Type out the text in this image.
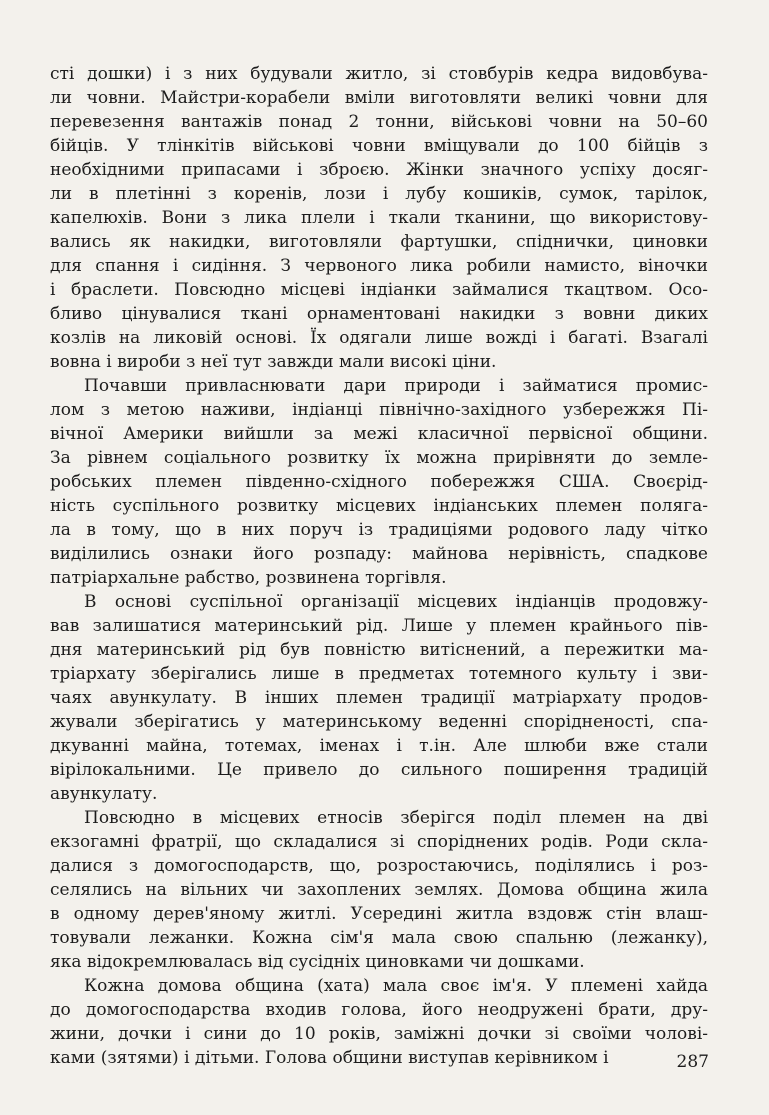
сті дошки) і з них будували житло, зі стовбурів кедра видовбува-
ли човни. Майстри-корабели вміли виготовляти великі човни для
перевезення вантажів понад 2 тонни, військові човни на 50–60
бійців. У тлінкітів військові човни вміщували до 100 бійців з
необхідними припасами і зброєю. Жінки значного успіху досяг-
ли в плетінні з коренів, лози і лубу кошиків, сумок, тарілок,
капелюхів. Вони з лика плели і ткали тканини, що використову-
вались як накидки, виготовляли фартушки, спіднички, циновки
для спання і сидіння. З червоного лика робили намисто, віночки
і браслети. Повсюдно місцеві індіанки займалися ткацтвом. Осо-
бливо цінувалися ткані орнаментовані накидки з вовни диких
козлів на ликовій основі. Їх одягали лише вожді і багаті. Взагалі
вовна і вироби з неї тут завжди мали високі ціни.
Почавши привласнювати дари природи і займатися промис-
лом з метою наживи, індіанці північно-західного узбережжя Пі-
вічної Америки вийшли за межі класичної первісної общини.
За рівнем соціального розвитку їх можна прирівняти до земле-
робських племен південно-східного побережжя США. Своєрід-
ність суспільного розвитку місцевих індіанських племен полягa-
ла в тому, що в них поруч із традиціями родового ладу чітко
виділились ознаки його розпаду: майнова нерівність, спадкове
патріархальне рабство, розвинена торгівля.
В основі суспільної організації місцевих індіанців продовжу-
вав залишатися материнський рід. Лише у племен крайнього пів-
дня материнський рід був повністю витіснений, а пережитки ма-
тріархату зберігались лише в предметах тотемного культу і зви-
чаях авункулату. В інших племен традиції матріархату продов-
жували зберігатись у материнському веденні спорідненості, спа-
дкуванні майна, тотемах, іменах і т.ін. Але шлюби вже стали
вірілокальними. Це привело до сильного поширення традицій
авункулату.
Повсюдно в місцевих етносів зберігся поділ племен на дві
екзогамні фратрії, що складалися зі споріднених родів. Роди скла-
далися з домогосподарств, що, розростаючись, поділялись і роз-
селялись на вільних чи захоплених землях. Домова община жила
в одному дерев'яному житлі. Усередині житла вздовж стін влаш-
товували лежанки. Кожна сім'я мала свою спальню (лежанку),
яка відокремлювалась від сусідніх циновками чи дошками.
Кожна домова община (хата) мала своє ім'я. У племені хайда
до домогосподарства входив голова, його неодружені брати, дру-
жини, дочки і сини до 10 років, заміжні дочки зі своїми чолові-
ками (зятями) і дітьми. Голова общини виступав керівником і	287
